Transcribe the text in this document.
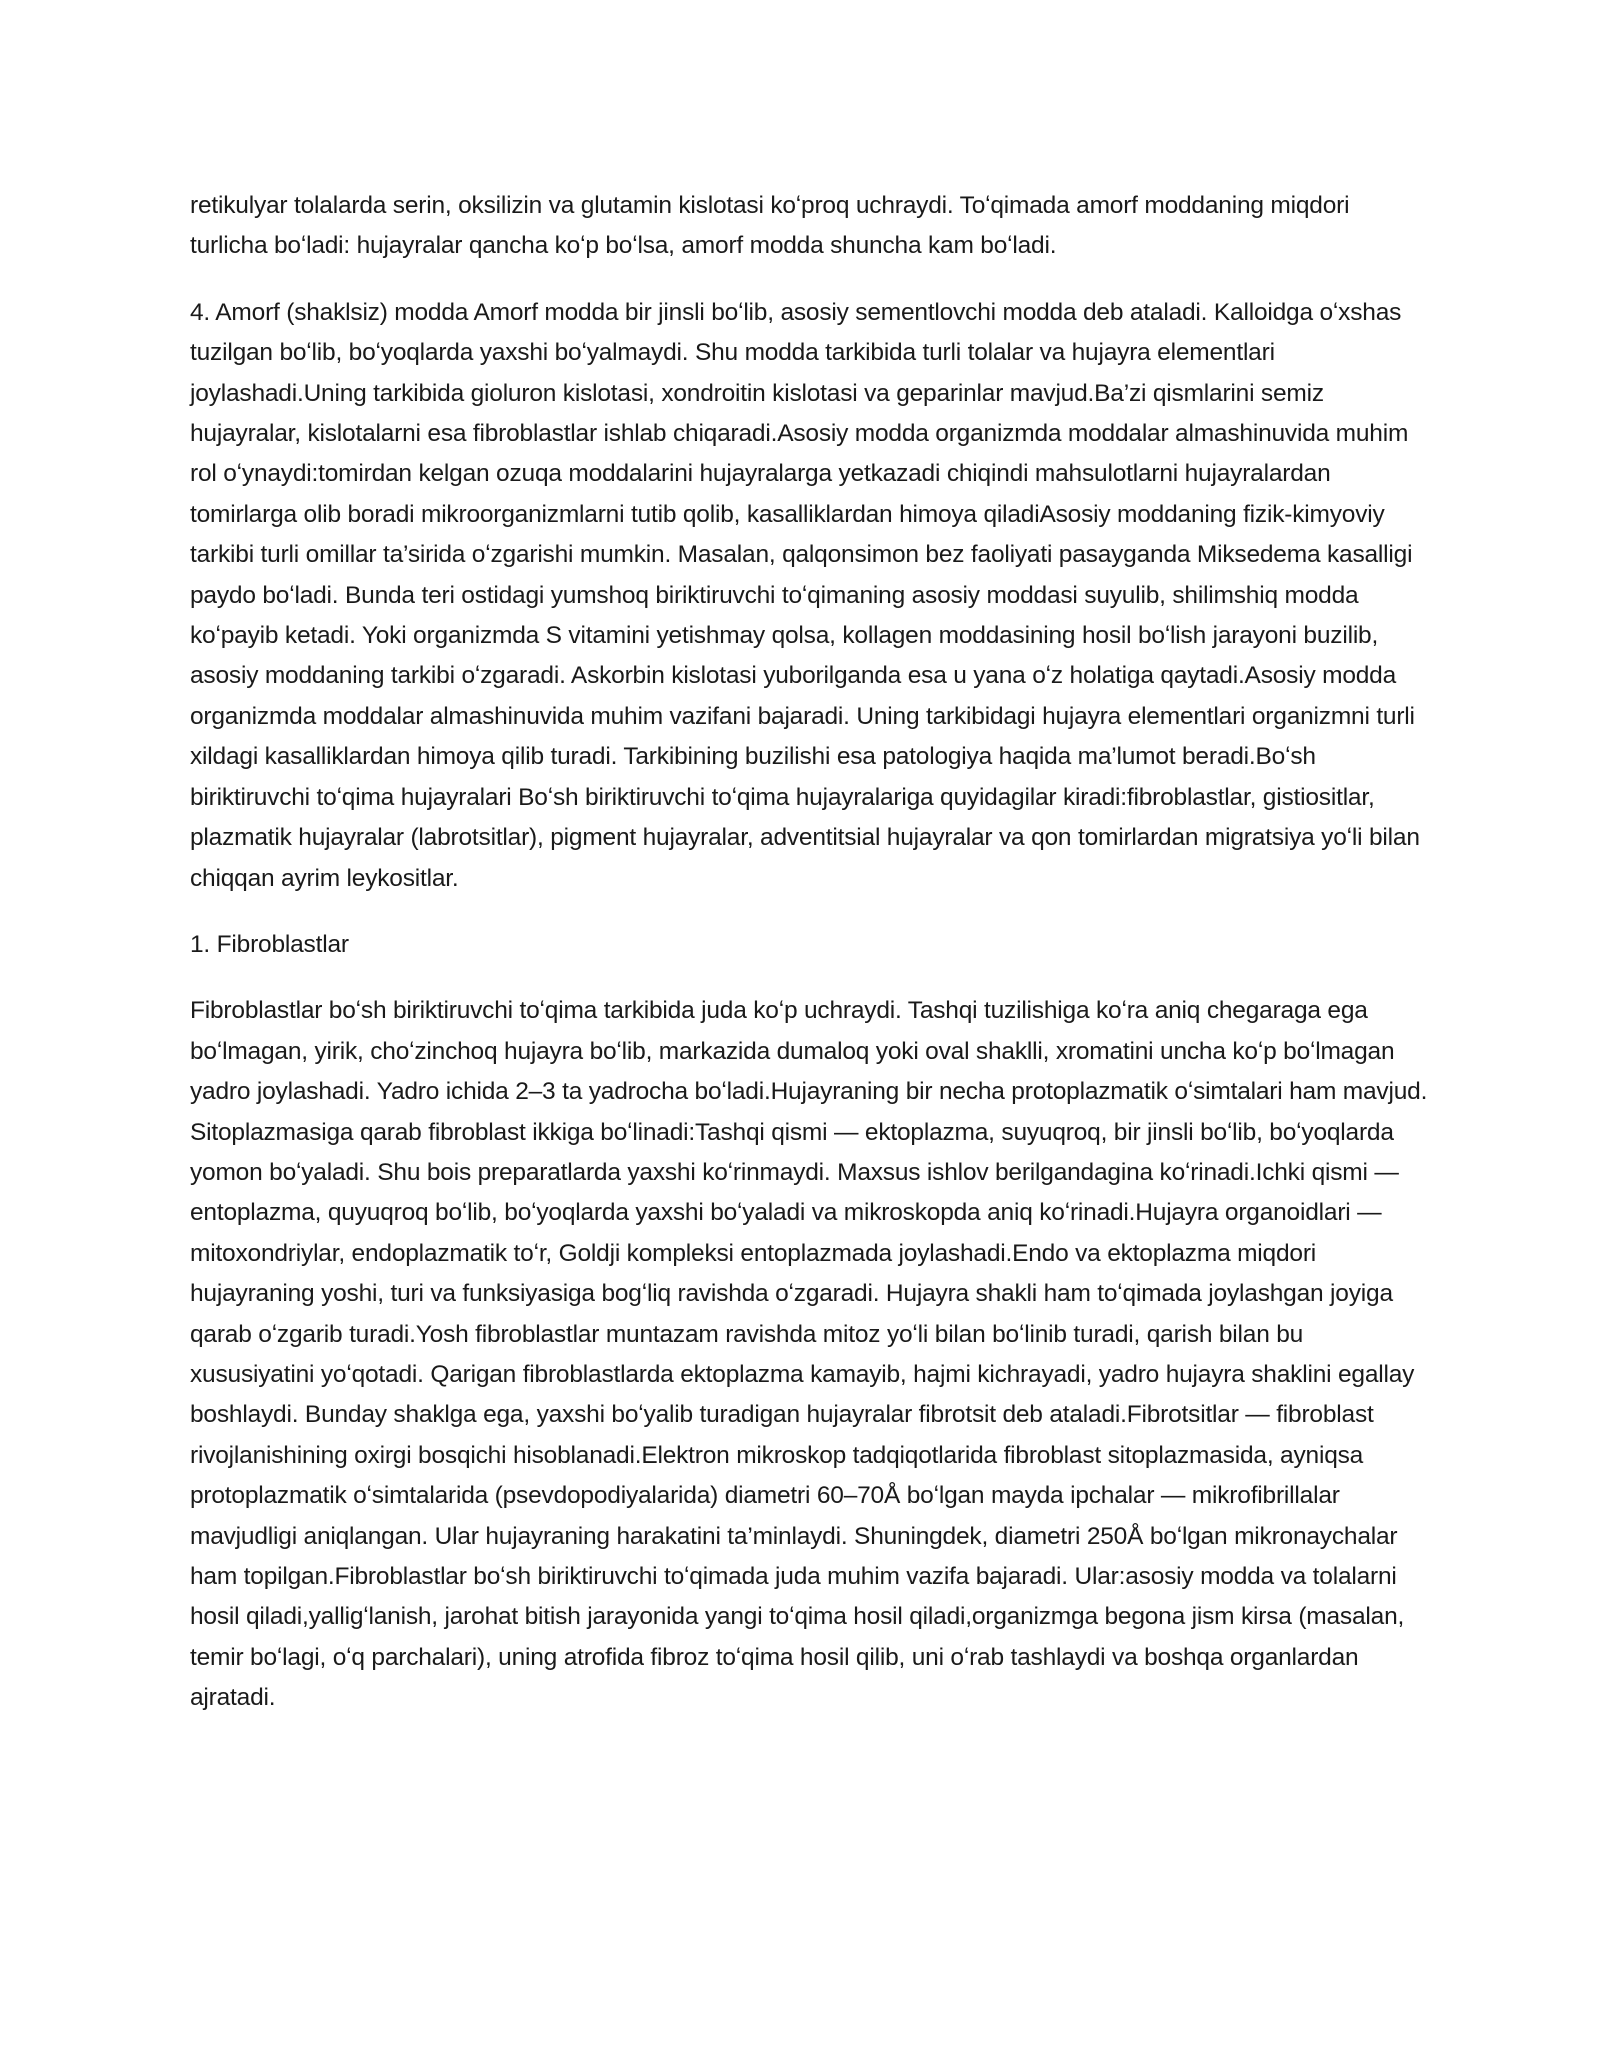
retikulyar tolalarda serin, oksilizin va glutamin kislotasi koʻproq uchraydi. Toʻqimada amorf moddaning miqdori turlicha boʻladi: hujayralar qancha koʻp boʻlsa, amorf modda shuncha kam boʻladi.

4. Amorf (shaklsiz) modda Amorf modda bir jinsli boʻlib, asosiy sementlovchi modda deb ataladi. Kalloidga oʻxshas tuzilgan boʻlib, boʻyoqlarda yaxshi boʻyalmaydi. Shu modda tarkibida turli tolalar va hujayra elementlari joylashadi.Uning tarkibida gioluron kislotasi, xondroitin kislotasi va geparinlar mavjud.Ba’zi qismlarini semiz hujayralar, kislotalarni esa fibroblastlar ishlab chiqaradi.Asosiy modda organizmda moddalar almashinuvida muhim rol oʻynaydi:tomirdan kelgan ozuqa moddalarini hujayralarga yetkazadi chiqindi mahsulotlarni hujayralardan tomirlarga olib boradi mikroorganizmlarni tutib qolib, kasalliklardan himoya qiladiAsosiy moddaning fizik-kimyoviy tarkibi turli omillar ta’sirida oʻzgarishi mumkin. Masalan, qalqonsimon bez faoliyati pasayganda Miksedema kasalligi paydo boʻladi. Bunda teri ostidagi yumshoq biriktiruvchi toʻqimaning asosiy moddasi suyulib, shilimshiq modda koʻpayib ketadi. Yoki organizmda S vitamini yetishmay qolsa, kollagen moddasining hosil boʻlish jarayoni buzilib, asosiy moddaning tarkibi oʻzgaradi. Askorbin kislotasi yuborilganda esa u yana oʻz holatiga qaytadi.Asosiy modda organizmda moddalar almashinuvida muhim vazifani bajaradi. Uning tarkibidagi hujayra elementlari organizmni turli xildagi kasalliklardan himoya qilib turadi. Tarkibining buzilishi esa patologiya haqida ma’lumot beradi.Boʻsh biriktiruvchi toʻqima hujayralari Boʻsh biriktiruvchi toʻqima hujayralariga quyidagilar kiradi:fibroblastlar, gistiositlar, plazmatik hujayralar (labrotsitlar), pigment hujayralar, adventitsial hujayralar va qon tomirlardan migratsiya yoʻli bilan chiqqan ayrim leykositlar.

1. Fibroblastlar

Fibroblastlar boʻsh biriktiruvchi toʻqima tarkibida juda koʻp uchraydi. Tashqi tuzilishiga koʻra aniq chegaraga ega boʻlmagan, yirik, choʻzinchoq hujayra boʻlib, markazida dumaloq yoki oval shaklli, xromatini uncha koʻp boʻlmagan yadro joylashadi. Yadro ichida 2–3 ta yadrocha boʻladi.Hujayraning bir necha protoplazmatik oʻsimtalari ham mavjud. Sitoplazmasiga qarab fibroblast ikkiga boʻlinadi:Tashqi qismi — ektoplazma, suyuqroq, bir jinsli boʻlib, boʻyoqlarda yomon boʻyaladi. Shu bois preparatlarda yaxshi koʻrinmaydi. Maxsus ishlov berilgandagina koʻrinadi.Ichki qismi — entoplazma, quyuqroq boʻlib, boʻyoqlarda yaxshi boʻyaladi va mikroskopda aniq koʻrinadi.Hujayra organoidlari — mitoxondriylar, endoplazmatik toʻr, Goldji kompleksi entoplazmada joylashadi.Endo va ektoplazma miqdori hujayraning yoshi, turi va funksiyasiga bogʻliq ravishda oʻzgaradi. Hujayra shakli ham toʻqimada joylashgan joyiga qarab oʻzgarib turadi.Yosh fibroblastlar muntazam ravishda mitoz yoʻli bilan boʻlinib turadi, qarish bilan bu xususiyatini yoʻqotadi. Qarigan fibroblastlarda ektoplazma kamayib, hajmi kichrayadi, yadro hujayra shaklini egallay boshlaydi. Bunday shaklga ega, yaxshi boʻyalib turadigan hujayralar fibrotsit deb ataladi.Fibrotsitlar — fibroblast rivojlanishining oxirgi bosqichi hisoblanadi.Elektron mikroskop tadqiqotlarida fibroblast sitoplazmasida, ayniqsa protoplazmatik oʻsimtalarida (psevdopodiyalarida) diametri 60–70Å boʻlgan mayda ipchalar — mikrofibrillalar mavjudligi aniqlangan. Ular hujayraning harakatini ta’minlaydi. Shuningdek, diametri 250Å boʻlgan mikronaychalar ham topilgan.Fibroblastlar boʻsh biriktiruvchi toʻqimada juda muhim vazifa bajaradi. Ular:asosiy modda va tolalarni hosil qiladi,yalligʻlanish, jarohat bitish jarayonida yangi toʻqima hosil qiladi,organizmga begona jism kirsa (masalan, temir boʻlagi, oʻq parchalari), uning atrofida fibroz toʻqima hosil qilib, uni oʻrab tashlaydi va boshqa organlardan ajratadi.
